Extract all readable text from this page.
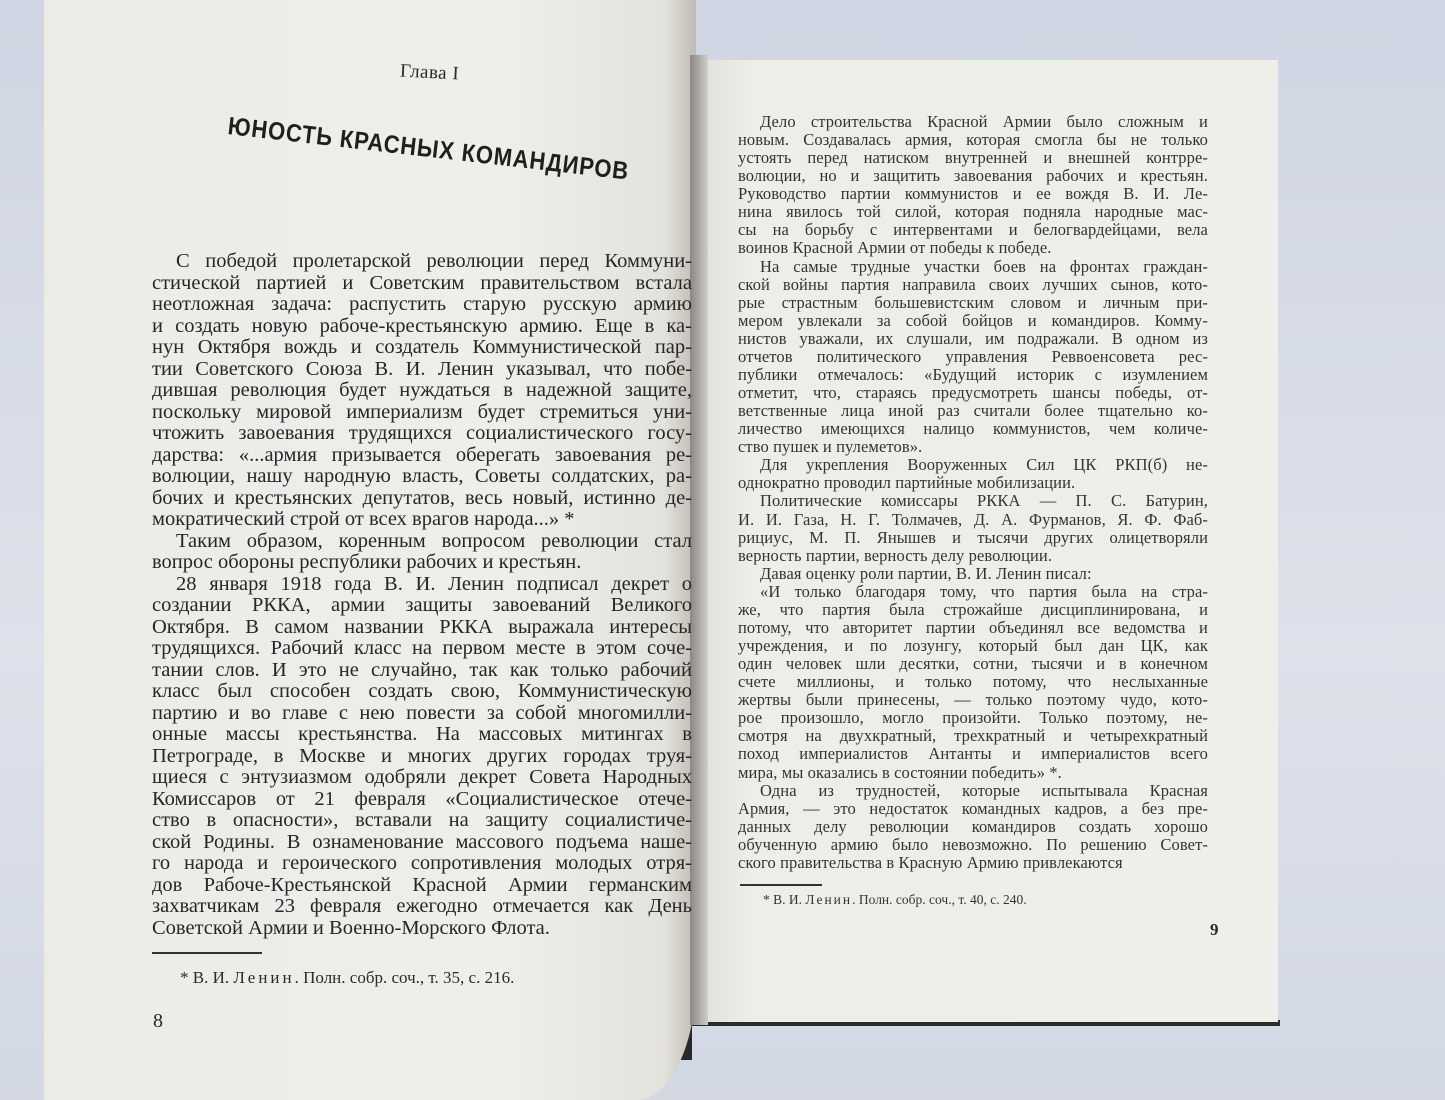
Глава I
ЮНОСТЬ КРАСНЫХ КОМАНДИРОВ
С победой пролетарской революции перед Коммуни-
стической партией и Советским правительством встала
неотложная задача: распустить старую русскую армию
и создать новую рабоче-крестьянскую армию. Еще в ка-
нун Октября вождь и создатель Коммунистической пар-
тии Советского Союза В. И. Ленин указывал, что побе-
дившая революция будет нуждаться в надежной защите,
поскольку мировой империализм будет стремиться уни-
чтожить завоевания трудящихся социалистического госу-
дарства: «...армия призывается оберегать завоевания ре-
волюции, нашу народную власть, Советы солдатских, ра-
бочих и крестьянских депутатов, весь новый, истинно де-
мократический строй от всех врагов народа...» *
Таким образом, коренным вопросом революции стал
вопрос обороны республики рабочих и крестьян.
28 января 1918 года В. И. Ленин подписал декрет о
создании РККА, армии защиты завоеваний Великого
Октября. В самом названии РККА выражала интересы
трудящихся. Рабочий класс на первом месте в этом соче-
тании слов. И это не случайно, так как только рабочий
класс был способен создать свою, Коммунистическую
партию и во главе с нею повести за собой многомилли-
онные массы крестьянства. На массовых митингах в
Петрограде, в Москве и многих других городах труя-
щиеся с энтузиазмом одобряли декрет Совета Народных
Комиссаров от 21 февраля «Социалистическое отече-
ство в опасности», вставали на защиту социалистиче-
ской Родины. В ознаменование массового подъема наше-
го народа и героического сопротивления молодых отря-
дов Рабоче-Крестьянской Красной Армии германским
захватчикам 23 февраля ежегодно отмечается как День
Советской Армии и Военно-Морского Флота.
Дело строительства Красной Армии было сложным и
новым. Создавалась армия, которая смогла бы не только
устоять перед натиском внутренней и внешней контрре-
волюции, но и защитить завоевания рабочих и крестьян.
Руководство партии коммунистов и ее вождя В. И. Ле-
нина явилось той силой, которая подняла народные мас-
сы на борьбу с интервентами и белогвардейцами, вела
воинов Красной Армии от победы к победе.
На самые трудные участки боев на фронтах граждан-
ской войны партия направила своих лучших сынов, кото-
рые страстным большевистским словом и личным при-
мером увлекали за собой бойцов и командиров. Комму-
нистов уважали, их слушали, им подражали. В одном из
отчетов политического управления Реввоенсовета рес-
публики отмечалось: «Будущий историк с изумлением
отметит, что, стараясь предусмотреть шансы победы, от-
ветственные лица иной раз считали более тщательно ко-
личество имеющихся налицо коммунистов, чем количе-
ство пушек и пулеметов».
Для укрепления Вооруженных Сил ЦК РКП(б) не-
однократно проводил партийные мобилизации.
Политические комиссары РККА — П. С. Батурин,
И. И. Газа, Н. Г. Толмачев, Д. А. Фурманов, Я. Ф. Фаб-
рициус, М. П. Янышев и тысячи других олицетворяли
верность партии, верность делу революции.
Давая оценку роли партии, В. И. Ленин писал:
«И только благодаря тому, что партия была на стра-
же, что партия была строжайше дисциплинирована, и
потому, что авторитет партии объединял все ведомства и
учреждения, и по лозунгу, который был дан ЦК, как
один человек шли десятки, сотни, тысячи и в конечном
счете миллионы, и только потому, что неслыханные
жертвы были принесены, — только поэтому чудо, кото-
рое произошло, могло произойти. Только поэтому, не-
смотря на двухкратный, трехкратный и четырехкратный
поход империалистов Антанты и империалистов всего
мира, мы оказались в состоянии победить» *.
Одна из трудностей, которые испытывала Красная
Армия, — это недостаток командных кадров, а без пре-
данных делу революции командиров создать хорошо
обученную армию было невозможно. По решению Совет-
ского правительства в Красную Армию привлекаются
* В. И. Ленин. Полн. собр. соч., т. 35, с. 216.
8
* В. И. Ленин. Полн. собр. соч., т. 40, с. 240.
9
